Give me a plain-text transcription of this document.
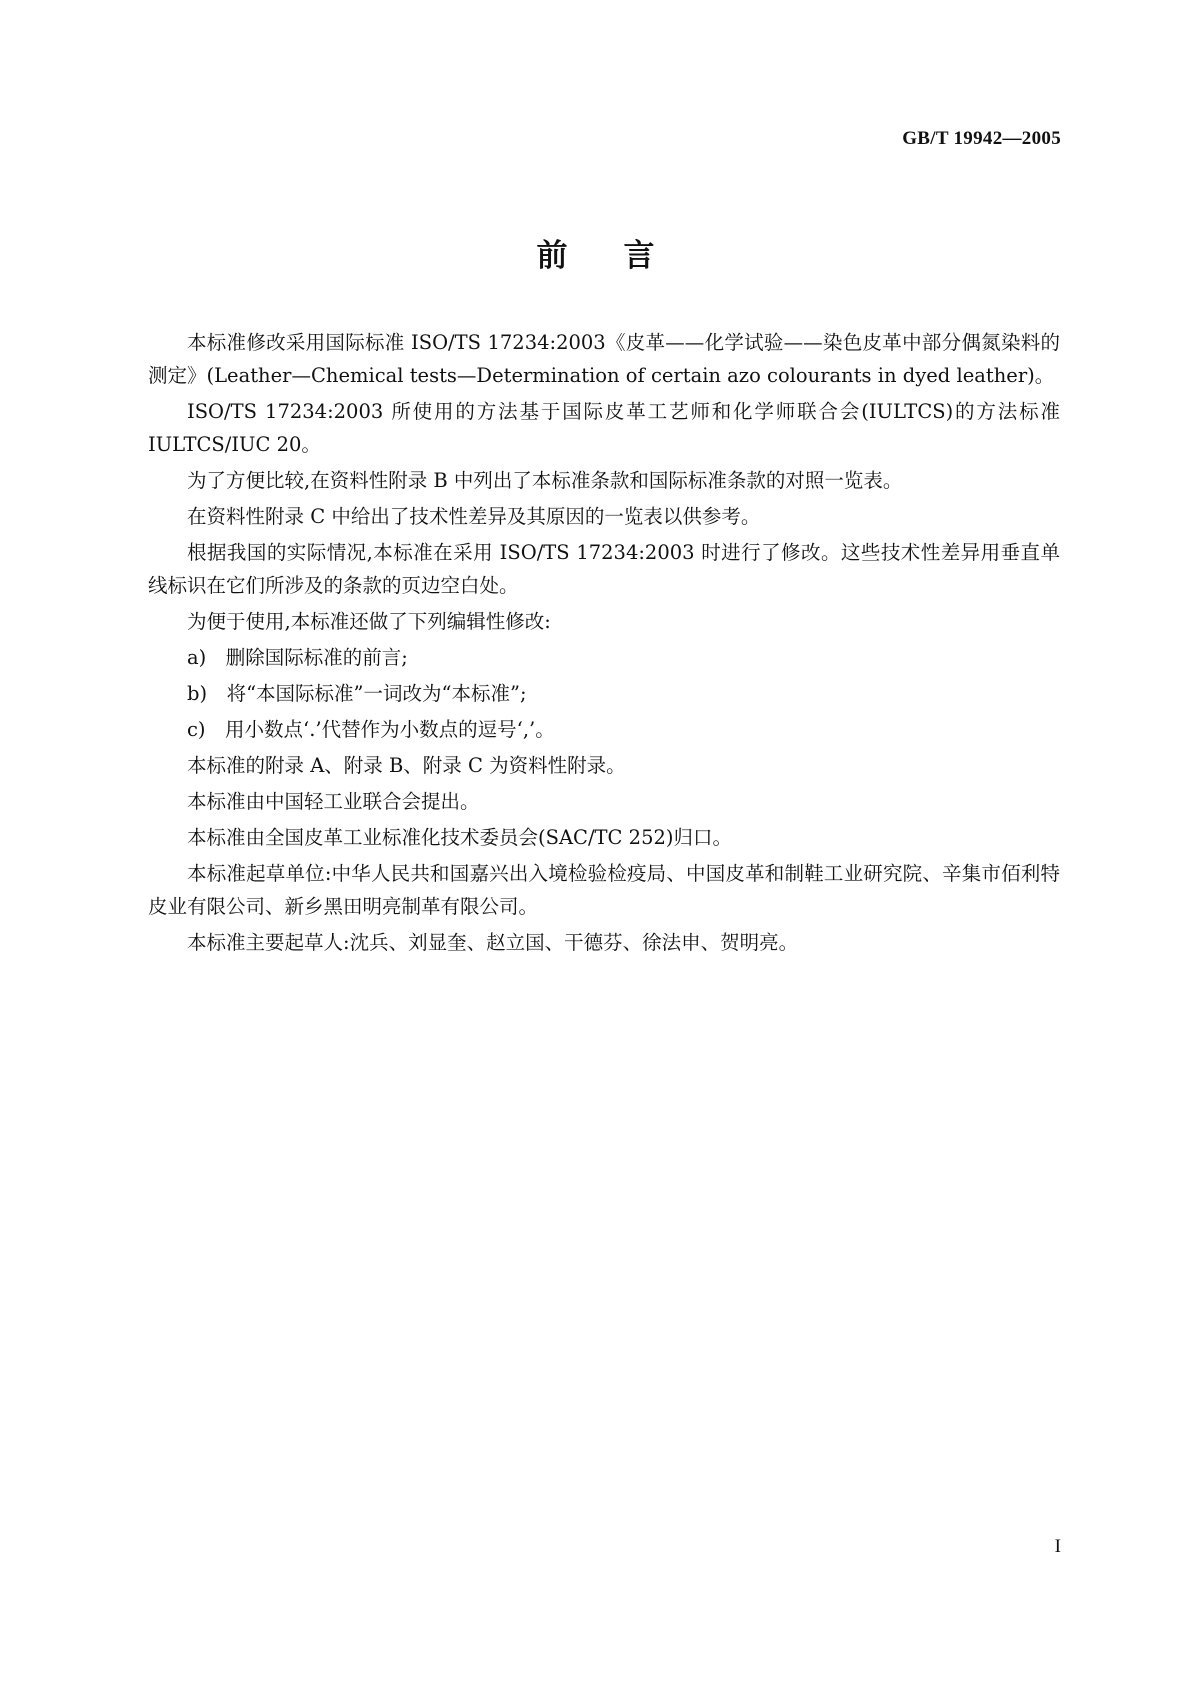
GB/T 19942—2005
前 言

本标准修改采用国际标准 ISO/TS 17234:2003《皮革——化学试验——染色皮革中部分偶氮染料的测定》(Leather—Chemical tests—Determination of certain azo colourants in dyed leather)。

ISO/TS 17234:2003 所使用的方法基于国际皮革工艺师和化学师联合会(IULTCS)的方法标准 IULTCS/IUC 20。

为了方便比较,在资料性附录 B 中列出了本标准条款和国际标准条款的对照一览表。

在资料性附录 C 中给出了技术性差异及其原因的一览表以供参考。

根据我国的实际情况,本标准在采用 ISO/TS 17234:2003 时进行了修改。这些技术性差异用垂直单线标识在它们所涉及的条款的页边空白处。

为便于使用,本标准还做了下列编辑性修改:

a)　删除国际标准的前言;

b)　将“本国际标准”一词改为“本标准”;

c)　用小数点‘.’代替作为小数点的逗号‘,’。

本标准的附录 A、附录 B、附录 C 为资料性附录。

本标准由中国轻工业联合会提出。

本标准由全国皮革工业标准化技术委员会(SAC/TC 252)归口。

本标准起草单位:中华人民共和国嘉兴出入境检验检疫局、中国皮革和制鞋工业研究院、辛集市佰利特皮业有限公司、新乡黑田明亮制革有限公司。

本标准主要起草人:沈兵、刘显奎、赵立国、干德芬、徐法申、贺明亮。

I
